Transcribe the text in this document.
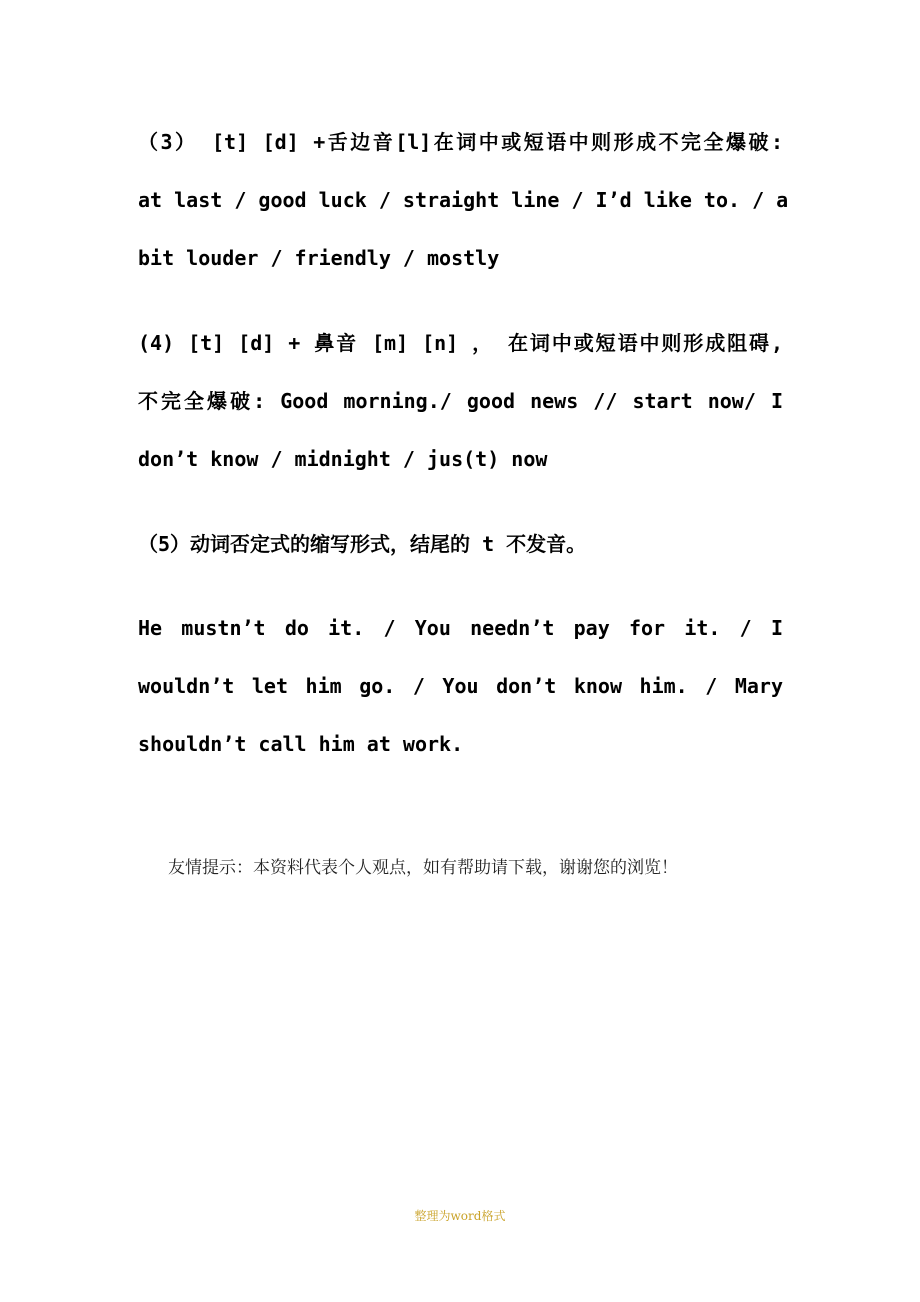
（3） [t] [d] +舌边音[l]在词中或短语中则形成不完全爆破:
at last / good luck / straight line / I’d like to. / a
bit louder / friendly / mostly
(4) [t] [d] + 鼻音 [m] [n] ， 在词中或短语中则形成阻碍,
不完全爆破: Good morning./ good news // start now/ I
don’t know / midnight / jus(t) now
（5）动词否定式的缩写形式，结尾的 t 不发音。
He mustn’t do it. / You needn’t pay for it. / I
wouldn’t let him go. / You don’t know him. / Mary
shouldn’t call him at work.
友情提示：本资料代表个人观点，如有帮助请下载，谢谢您的浏览！
整理为word格式
